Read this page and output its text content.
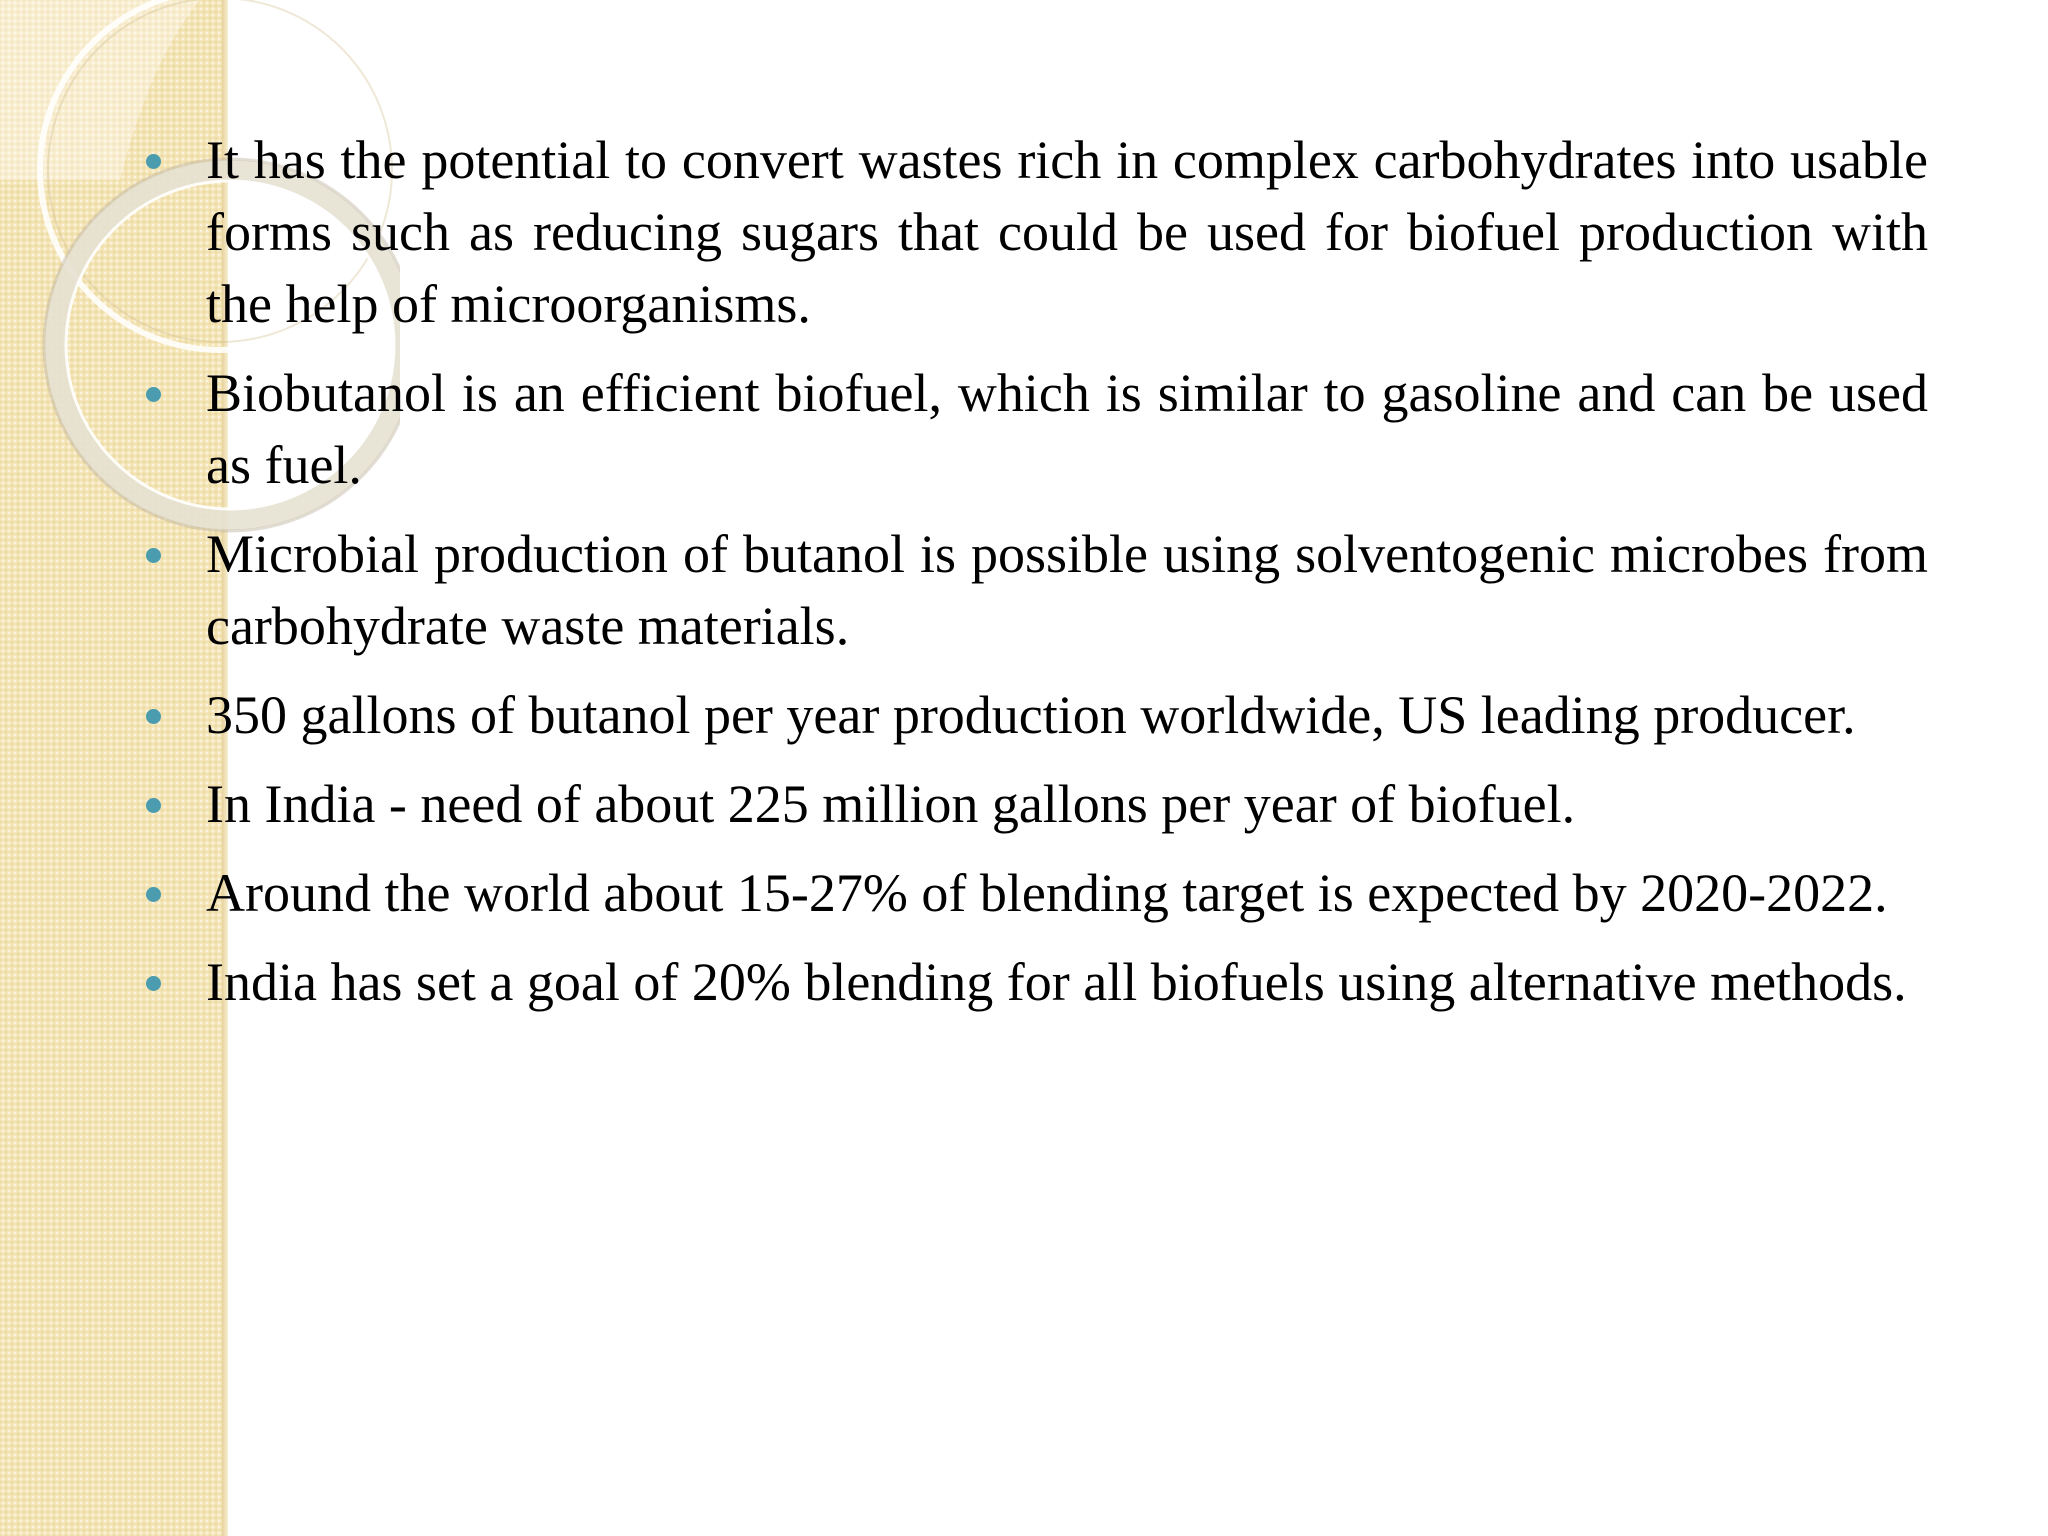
It has the potential to convert wastes rich in complex carbohydrates into usable forms such as reducing sugars that could be used for biofuel production with the help of microorganisms.
Biobutanol is an efficient biofuel, which is similar to gasoline and can be used as fuel.
Microbial production of butanol is possible using solventogenic microbes from carbohydrate waste materials.
350 gallons of butanol per year production worldwide, US leading producer.
In India - need of about 225 million gallons per year of biofuel.
Around the world about 15-27% of blending target is expected by 2020-2022.
India has set a goal of 20% blending for all biofuels using alternative methods.
